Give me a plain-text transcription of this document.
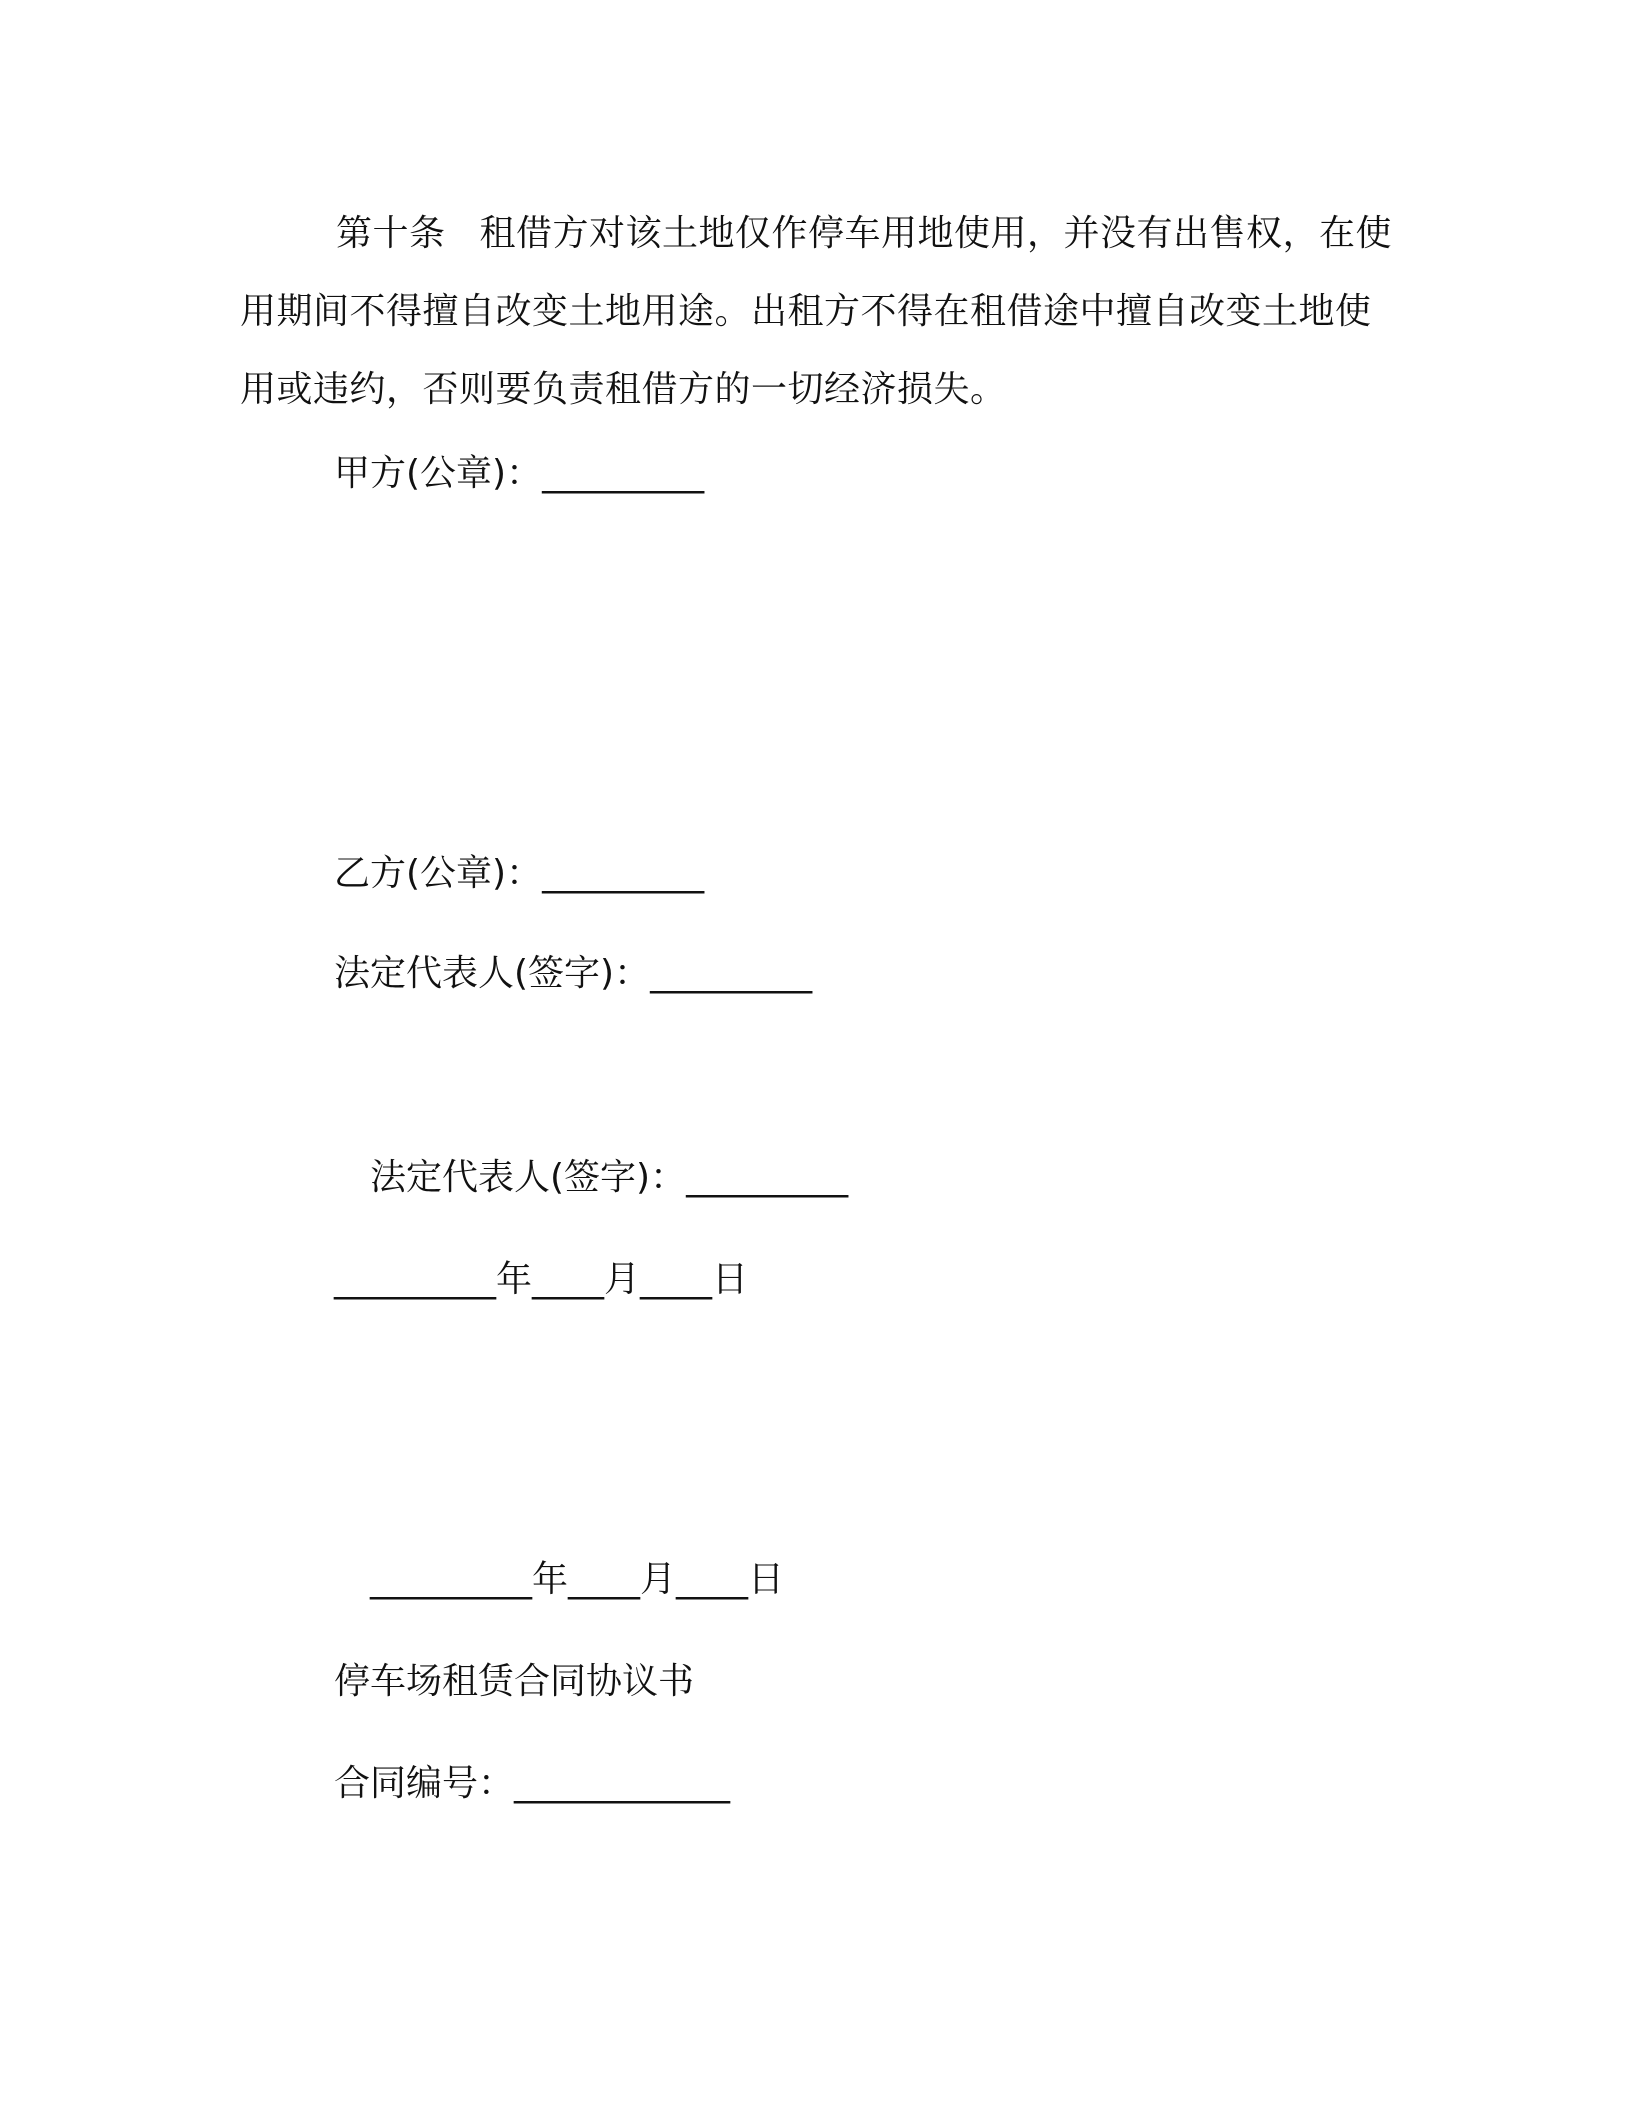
第十条 租借方对该土地仅作停车用地使用，并没有出售权，在使用期间不得擅自改变土地用途。出租方不得在租借途中擅自改变土地使用或违约，否则要负责租借方的一切经济损失。

甲方(公章)：_________
乙方(公章)：_________
法定代表人(签字)：_________
法定代表人(签字)：_________
_________年____月____日
_________年____月____日
停车场租赁合同协议书
合同编号：____________
